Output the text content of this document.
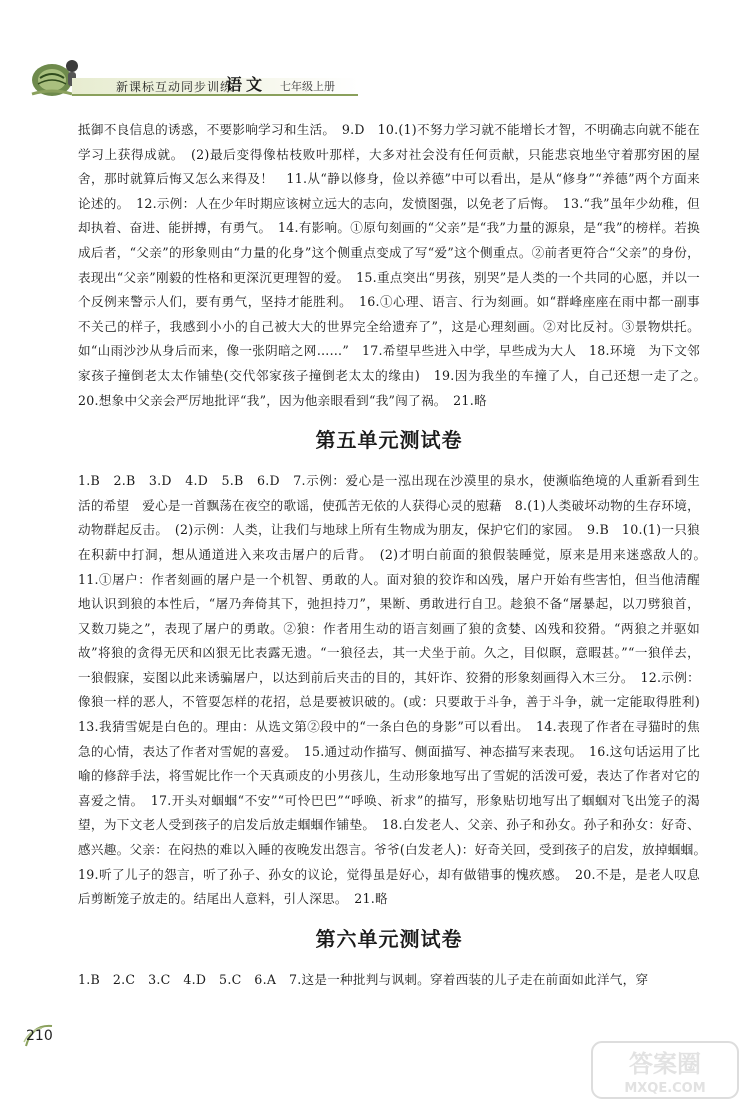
新课标互动同步训练
语文 七年级上册

抵御不良信息的诱惑，不要影响学习和生活。　9.D　10.(1)不努力学习就不能增长才智，不明确志向就不能在学习上获得成就。　(2)最后变得像枯枝败叶那样，大多对社会没有任何贡献，只能悲哀地坐守着那穷困的屋舍，那时就算后悔又怎么来得及！　11.从“静以修身，俭以养德”中可以看出，是从“修身”“养德”两个方面来论述的。　12.示例：人在少年时期应该树立远大的志向，发愤图强，以免老了后悔。　13.“我”虽年少幼稚，但却执着、奋进、能拼搏，有勇气。　14.有影响。①原句刻画的“父亲”是“我”力量的源泉，是“我”的榜样。若换成后者，“父亲”的形象则由“力量的化身”这个侧重点变成了写“爱”这个侧重点。②前者更符合“父亲”的身份，表现出“父亲”刚毅的性格和更深沉更理智的爱。　15.重点突出“男孩，别哭”是人类的一个共同的心愿，并以一个反例来警示人们，要有勇气，坚持才能胜利。　16.①心理、语言、行为刻画。如“群峰座座在雨中都一副事不关己的样子，我感到小小的自己被大大的世界完全给遗弃了”，这是心理刻画。②对比反衬。③景物烘托。如“山雨沙沙从身后而来，像一张阴暗之网……”　17.希望早些进入中学，早些成为大人　18.环境　为下文邻家孩子撞倒老太太作铺垫(交代邻家孩子撞倒老太太的缘由)　19.因为我坐的车撞了人，自己还想一走了之。　20.想象中父亲会严厉地批评“我”，因为他亲眼看到“我”闯了祸。　21.略

第五单元测试卷

1.B　2.B　3.D　4.D　5.B　6.D　7.示例：爱心是一泓出现在沙漠里的泉水，使濒临绝境的人重新看到生活的希望　爱心是一首飘荡在夜空的歌谣，使孤苦无依的人获得心灵的慰藉　8.(1)人类破坏动物的生存环境，动物群起反击。　(2)示例：人类，让我们与地球上所有生物成为朋友，保护它们的家园。　9.B　10.(1)一只狼在积薪中打洞，想从通道进入来攻击屠户的后背。　(2)才明白前面的狼假装睡觉，原来是用来迷惑敌人的。　11.①屠户：作者刻画的屠户是一个机智、勇敢的人。面对狼的狡诈和凶残，屠户开始有些害怕，但当他清醒地认识到狼的本性后，“屠乃奔倚其下，弛担持刀”，果断、勇敢进行自卫。趁狼不备“屠暴起，以刀劈狼首，又数刀毙之”，表现了屠户的勇敢。②狼：作者用生动的语言刻画了狼的贪婪、凶残和狡猾。“两狼之并驱如故”将狼的贪得无厌和凶狠无比表露无遗。“一狼径去，其一犬坐于前。久之，目似瞑，意暇甚。”“一狼佯去，一狼假寐，妄图以此来诱骗屠户，以达到前后夹击的目的，其奸诈、狡猾的形象刻画得入木三分。　12.示例：像狼一样的恶人，不管耍怎样的花招，总是要被识破的。(或：只要敢于斗争，善于斗争，就一定能取得胜利)　13.我猜雪妮是白色的。理由：从选文第②段中的“一条白色的身影”可以看出。　14.表现了作者在寻猫时的焦急的心情，表达了作者对雪妮的喜爱。　15.通过动作描写、侧面描写、神态描写来表现。　16.这句话运用了比喻的修辞手法，将雪妮比作一个天真顽皮的小男孩儿，生动形象地写出了雪妮的活泼可爱，表达了作者对它的喜爱之情。　17.开头对蝈蝈“不安”“可怜巴巴”“呼唤、祈求”的描写，形象贴切地写出了蝈蝈对飞出笼子的渴望，为下文老人受到孩子的启发后放走蝈蝈作铺垫。　18.白发老人、父亲、孙子和孙女。孙子和孙女：好奇、感兴趣。父亲：在闷热的难以入睡的夜晚发出怨言。爷爷(白发老人)：好奇关回，受到孩子的启发，放掉蝈蝈。　19.听了儿子的怨言，听了孙子、孙女的议论，觉得虽是好心，却有做错事的愧疚感。　20.不是，是老人叹息后剪断笼子放走的。结尾出人意料，引人深思。　21.略

第六单元测试卷

1.B　2.C　3.C　4.D　5.C　6.A　7.这是一种批判与讽刺。穿着西装的儿子走在前面如此洋气，穿

210
答案圈
MXQE.COM
